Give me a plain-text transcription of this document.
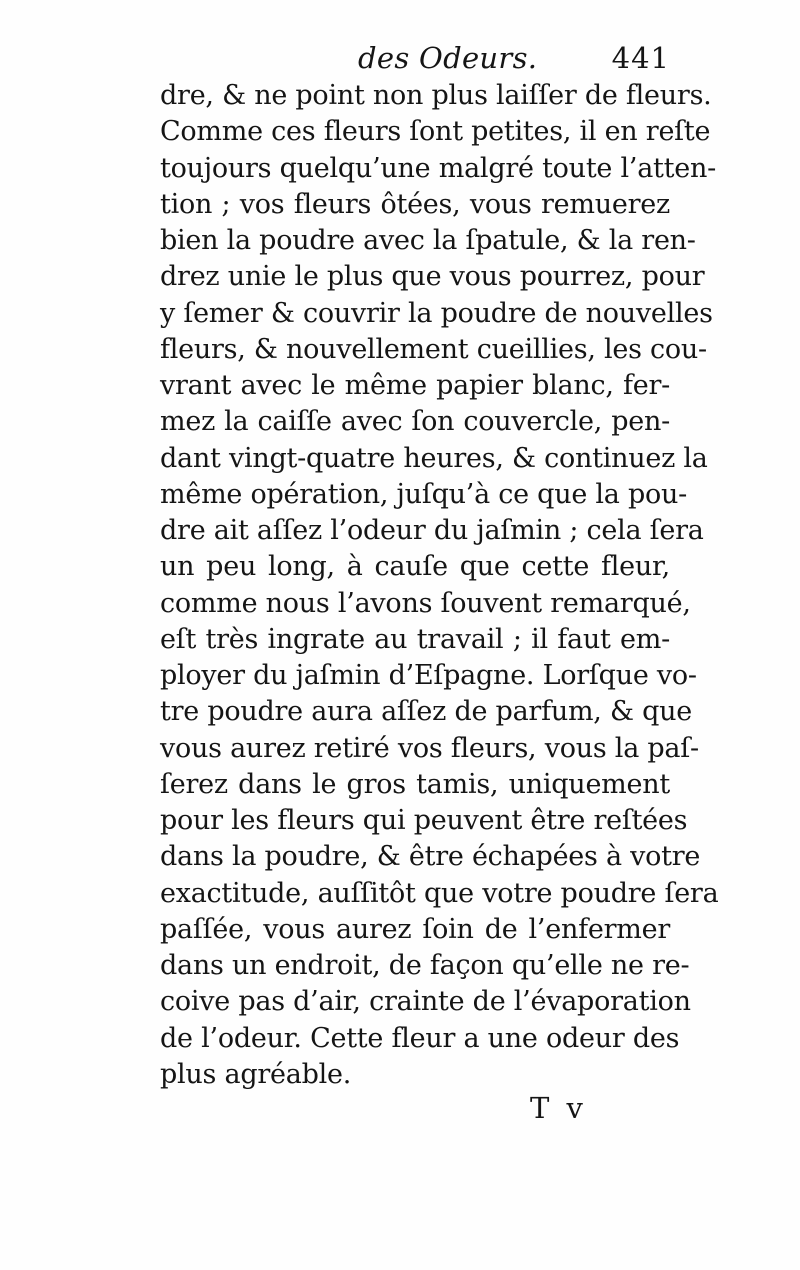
des Odeurs.	441
dre, & ne point non plus laiſſer de fleurs.
Comme ces fleurs ſont petites, il en reſte
toujours quelqu’une malgré toute l’atten-
tion ; vos fleurs ôtées, vous remuerez
bien la poudre avec la ſpatule, & la ren-
drez unie le plus que vous pourrez, pour
y ſemer & couvrir la poudre de nouvelles
fleurs, & nouvellement cueillies, les cou-
vrant avec le même papier blanc, fer-
mez la caiſſe avec ſon couvercle, pen-
dant vingt-quatre heures, & continuez la
même opération, juſqu’à ce que la pou-
dre ait aſſez l’odeur du jaſmin ; cela ſera
un peu long, à cauſe que cette fleur,
comme nous l’avons ſouvent remarqué,
eſt très ingrate au travail ; il faut em-
ployer du jaſmin d’Eſpagne. Lorſque vo-
tre poudre aura aſſez de parfum, & que
vous aurez retiré vos fleurs, vous la paſ-
ſerez dans le gros tamis, uniquement
pour les fleurs qui peuvent être reſtées
dans la poudre, & être échapées à votre
exactitude, auſſitôt que votre poudre ſera
paſſée, vous aurez ſoin de l’enfermer
dans un endroit, de façon qu’elle ne re-
coive pas d’air, crainte de l’évaporation
de l’odeur. Cette fleur a une odeur des
plus agréable.
T v
